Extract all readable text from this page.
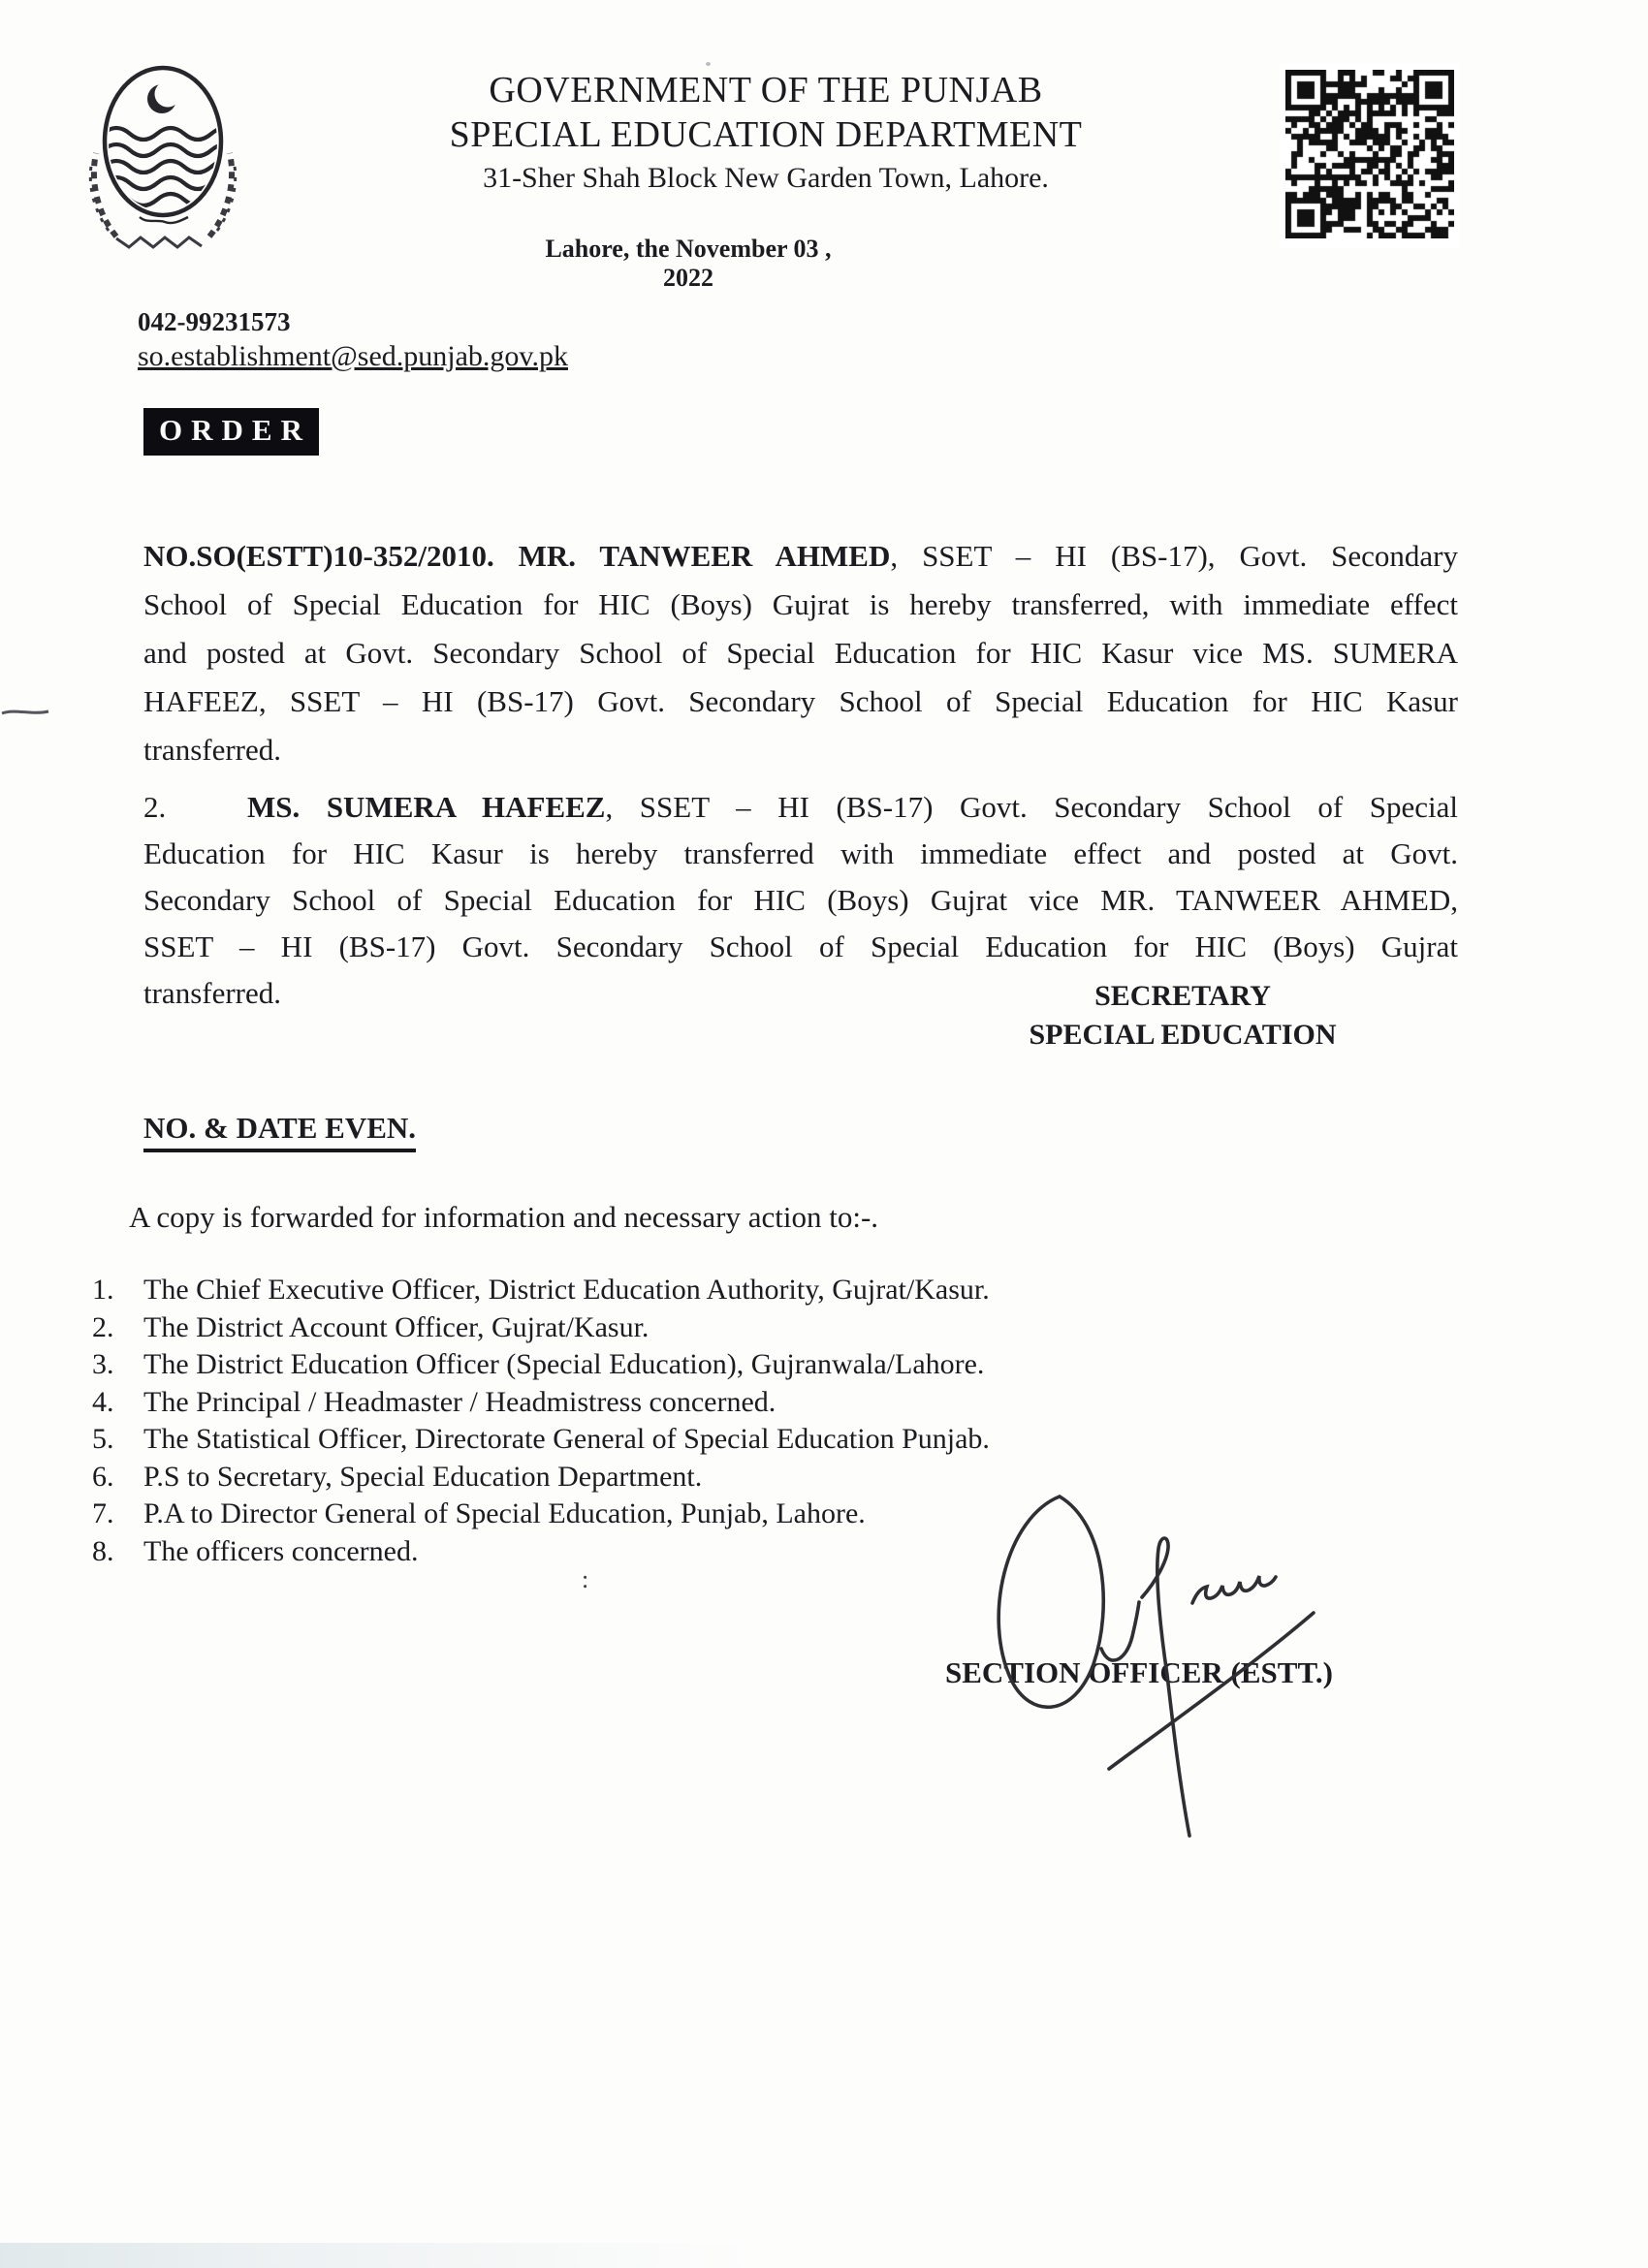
GOVERNMENT OF THE PUNJAB
SPECIAL EDUCATION DEPARTMENT
31-Sher Shah Block New Garden Town, Lahore.
Lahore, the November 03 , 2022
042-99231573
so.establishment@sed.punjab.gov.pk
ORDER

NO.SO(ESTT)10-352/2010. MR. TANWEER AHMED, SSET – HI (BS-17), Govt. Secondary School of Special Education for HIC (Boys) Gujrat is hereby transferred, with immediate effect and posted at Govt. Secondary School of Special Education for HIC Kasur vice MS. SUMERA HAFEEZ, SSET – HI (BS-17) Govt. Secondary School of Special Education for HIC Kasur transferred.

2.	MS. SUMERA HAFEEZ, SSET – HI (BS-17) Govt. Secondary School of Special Education for HIC Kasur is hereby transferred with immediate effect and posted at Govt. Secondary School of Special Education for HIC (Boys) Gujrat vice MR. TANWEER AHMED, SSET – HI (BS-17) Govt. Secondary School of Special Education for HIC (Boys) Gujrat transferred.	SECRETARY
SPECIAL EDUCATION
NO. & DATE EVEN.
A copy is forwarded for information and necessary action to:-.
1.	The Chief Executive Officer, District Education Authority, Gujrat/Kasur.
2.	The District Account Officer, Gujrat/Kasur.
3.	The District Education Officer (Special Education), Gujranwala/Lahore.
4.	The Principal / Headmaster / Headmistress concerned.
5.	The Statistical Officer, Directorate General of Special Education Punjab.
6.	P.S to Secretary, Special Education Department.
7.	P.A to Director General of Special Education, Punjab, Lahore.
8.	The officers concerned.
:
SECTION OFFICER (ESTT.)
